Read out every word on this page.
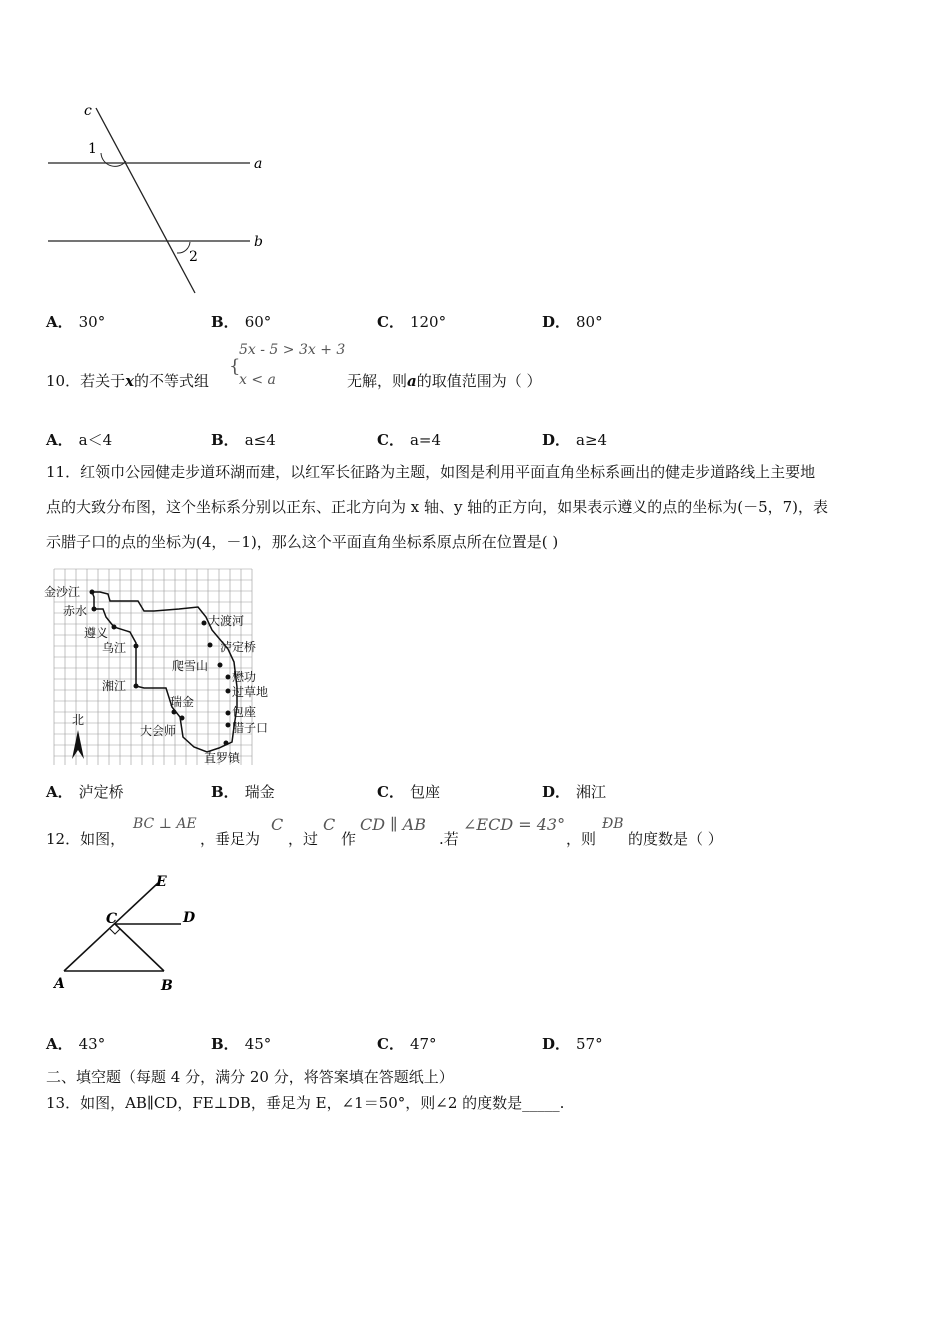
c
a
b
1
2
A． 30°	B． 60°	C． 120°	D． 80°
10．若关于x的不等式组
{
5x - 5 > 3x + 3
x < a	无解，则a的取值范围为（ ）
A． a＜4	B． a≤4	C． a=4	D． a≥4
11．红领巾公园健走步道环湖而建，以红军长征路为主题，如图是利用平面直角坐标系画出的健走步道路线上主要地
点的大致分布图，这个坐标系分别以正东、正北方向为 x 轴、y 轴的正方向，如果表示遵义的点的坐标为(－5，7)，表
示腊子口的点的坐标为(4，－1)，那么这个平面直角坐标系原点所在位置是( )
金沙江
赤水
遵义
乌江
湘江
瑞金
大会师
大渡河
泸定桥
爬雪山
懋功
过草地
包座
腊子口
直罗镇
北
A． 泸定桥	B． 瑞金	C． 包座	D． 湘江
12．如图，
BC ⊥ AE
，垂足为
C
，过
C
作
CD ∥ AB
.若
∠ECD = 43°
，则
ÐB
的度数是（ ）
E
C	D
A	B
A． 43°	B． 45°	C． 47°	D． 57°
二、填空题（每题 4 分，满分 20 分，将答案填在答题纸上）
13．如图，AB∥CD，FE⊥DB，垂足为 E，∠1＝50°，则∠2 的度数是_____.
